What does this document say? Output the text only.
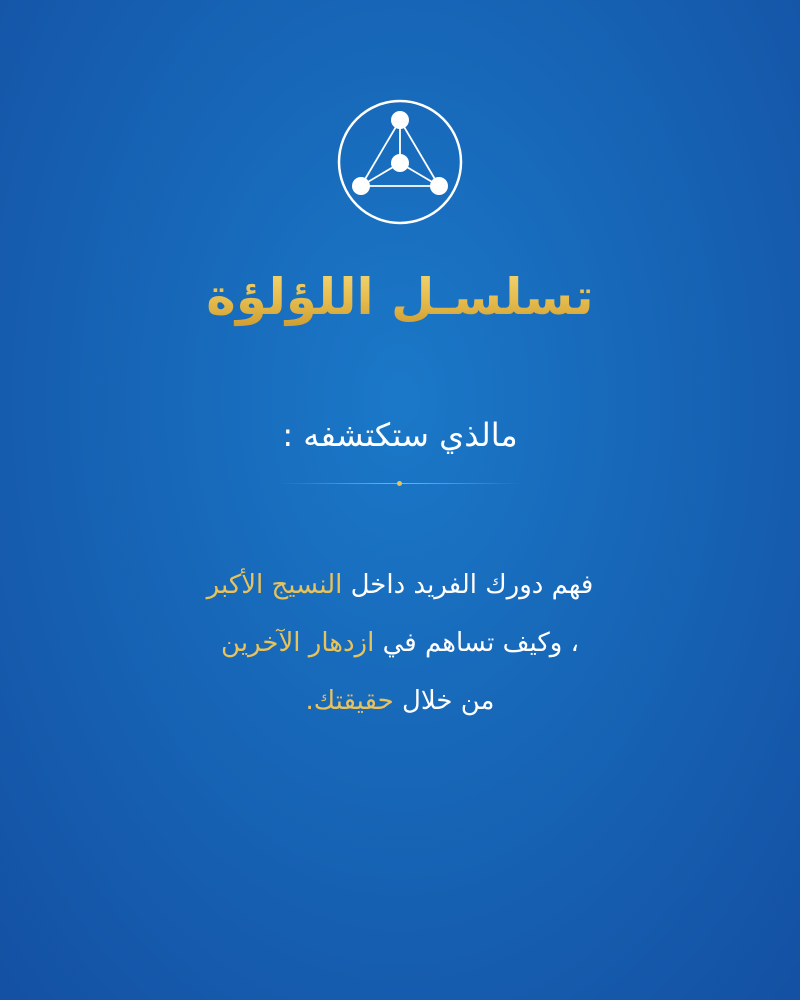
تسلسـل اللؤلؤة
مالذي ستكتشفه :
فهم دورك الفريد داخل النسيج الأكبر
، وكيف تساهم في ازدهار الآخرين
من خلال حقيقتك.
